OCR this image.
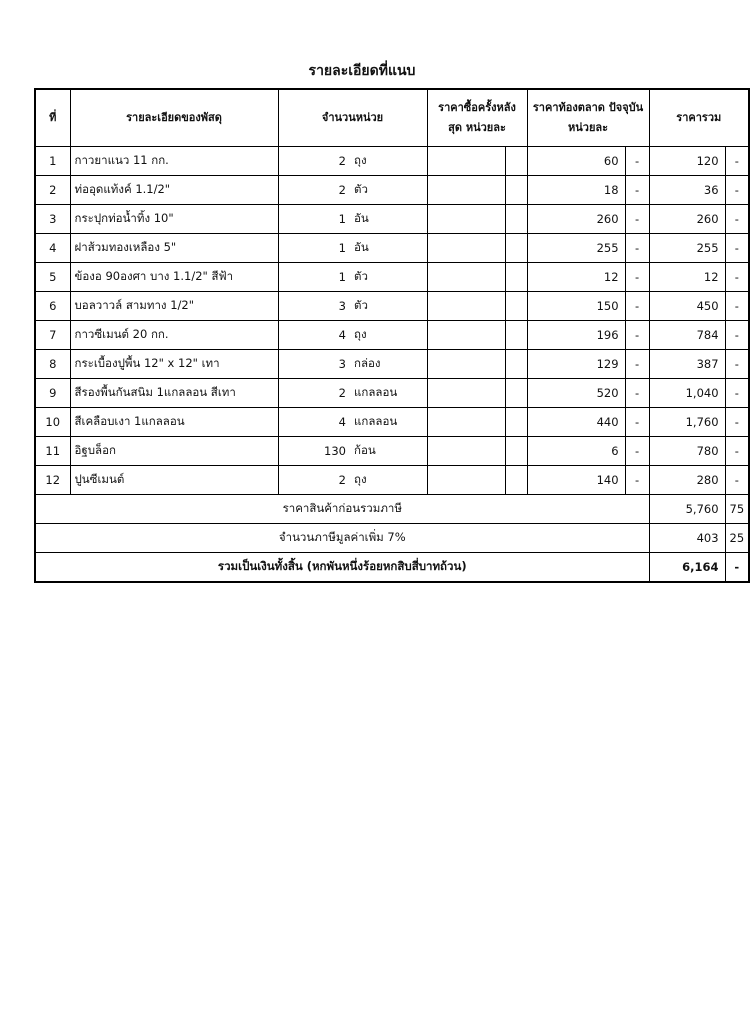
รายละเอียดที่แนบ
ที่	รายละเอียดของพัสดุ	จำนวนหน่วย		ราคาซื้อครั้งหลังสุด หน่วยละ		ราคาท้องตลาด ปัจจุบันหน่วยละ		ราคารวม	
1	กาวยาแนว 11 กก.	2	ถุง			60	-	120	-
2	ท่ออุดแท้งค์ 1.1/2"	2	ตัว			18	-	36	-
3	กระปุกท่อน้ำทิ้ง 10"	1	อัน			260	-	260	-
4	ฝาส้วมทองเหลือง 5"	1	อัน			255	-	255	-
5	ข้องอ 90องศา บาง 1.1/2" สีฟ้า	1	ตัว			12	-	12	-
6	บอลวาวล์ สามทาง 1/2"	3	ตัว			150	-	450	-
7	กาวซีเมนต์ 20 กก.	4	ถุง			196	-	784	-
8	กระเบื้องปูพื้น 12" x 12" เทา	3	กล่อง			129	-	387	-
9	สีรองพื้นกันสนิม 1แกลลอน สีเทา	2	แกลลอน			520	-	1,040	-
10	สีเคลือบเงา 1แกลลอน	4	แกลลอน			440	-	1,760	-
11	อิฐบล็อก	130	ก้อน			6	-	780	-
12	ปูนซีเมนต์	2	ถุง			140	-	280	-
ราคาสินค้าก่อนรวมภาษี								5,760	75
จำนวนภาษีมูลค่าเพิ่ม 7%								403	25
รวมเป็นเงินทั้งสิ้น (หกพันหนึ่งร้อยหกสิบสี่บาทถ้วน)								6,164	-
